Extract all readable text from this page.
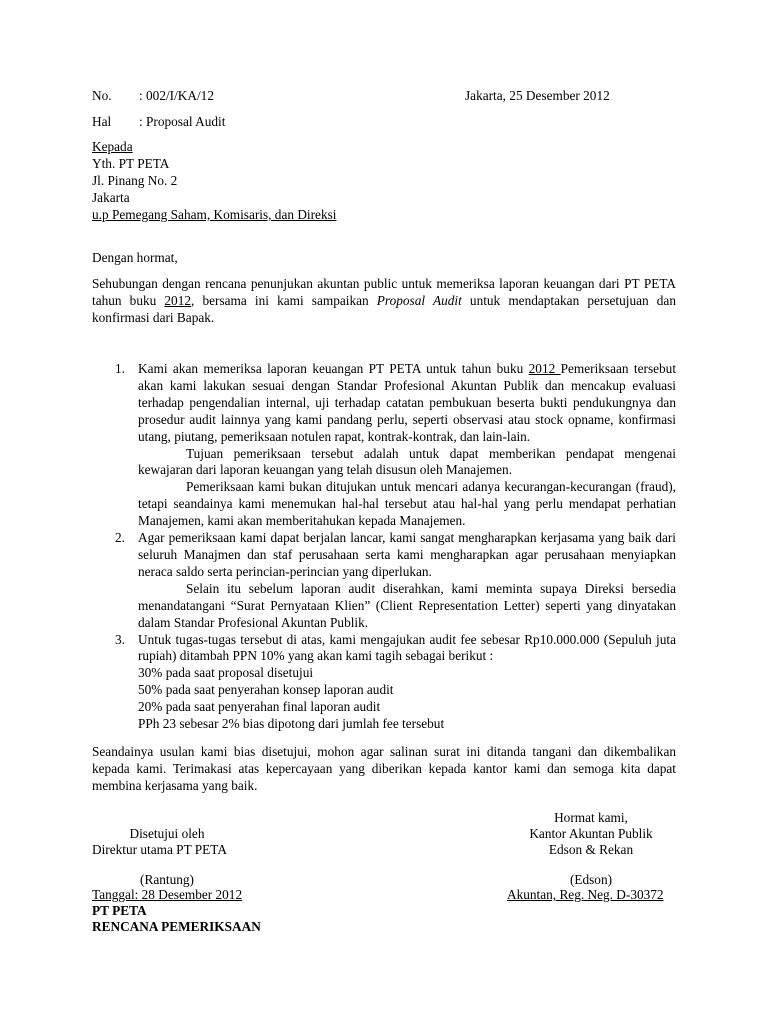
No. : 002/I/KA/12	Jakarta, 25 Desember 2012
Hal : Proposal Audit
Kepada
Yth. PT PETA
Jl. Pinang No. 2
Jakarta
u.p Pemegang Saham, Komisaris, dan Direksi
Dengan hormat,

Sehubungan dengan rencana penunjukan akuntan public untuk memeriksa laporan keuangan dari PT PETA tahun buku 2012, bersama ini kami sampaikan Proposal Audit untuk mendaptakan persetujuan dan konfirmasi dari Bapak.

1. Kami akan memeriksa laporan keuangan PT PETA untuk tahun buku 2012 Pemeriksaan tersebut akan kami lakukan sesuai dengan Standar Profesional Akuntan Publik dan mencakup evaluasi terhadap pengendalian internal, uji terhadap catatan pembukuan beserta bukti pendukungnya dan prosedur audit lainnya yang kami pandang perlu, seperti observasi atau stock opname, konfirmasi utang, piutang, pemeriksaan notulen rapat, kontrak-kontrak, dan lain-lain.

Tujuan pemeriksaan tersebut adalah untuk dapat memberikan pendapat mengenai kewajaran dari laporan keuangan yang telah disusun oleh Manajemen.

Pemeriksaan kami bukan ditujukan untuk mencari adanya kecurangan-kecurangan (fraud), tetapi seandainya kami menemukan hal-hal tersebut atau hal-hal yang perlu mendapat perhatian Manajemen, kami akan memberitahukan kepada Manajemen.

2. Agar pemeriksaan kami dapat berjalan lancar, kami sangat mengharapkan kerjasama yang baik dari seluruh Manajmen dan staf perusahaan serta kami mengharapkan agar perusahaan menyiapkan neraca saldo serta perincian-perincian yang diperlukan.

Selain itu sebelum laporan audit diserahkan, kami meminta supaya Direksi bersedia menandatangani “Surat Pernyataan Klien” (Client Representation Letter) seperti yang dinyatakan dalam Standar Profesional Akuntan Publik.

3. Untuk tugas-tugas tersebut di atas, kami mengajukan audit fee sebesar Rp10.000.000 (Sepuluh juta rupiah) ditambah PPN 10% yang akan kami tagih sebagai berikut :

30% pada saat proposal disetujui

50% pada saat penyerahan konsep laporan audit

20% pada saat penyerahan final laporan audit

PPh 23 sebesar 2% bias dipotong dari jumlah fee tersebut

Seandainya usulan kami bias disetujui, mohon agar salinan surat ini ditanda tangani dan dikembalikan kepada kami. Terimakasi atas kepercayaan yang diberikan kepada kantor kami dan semoga kita dapat membina kerjasama yang baik.

Hormat kami,
Kantor Akuntan Publik
Edson & Rekan
(Edson)
Akuntan, Reg. Neg. D-30372
Disetujui oleh
Direktur utama PT PETA
(Rantung)
Tanggal: 28 Desember 2012
PT PETA
RENCANA PEMERIKSAAN
